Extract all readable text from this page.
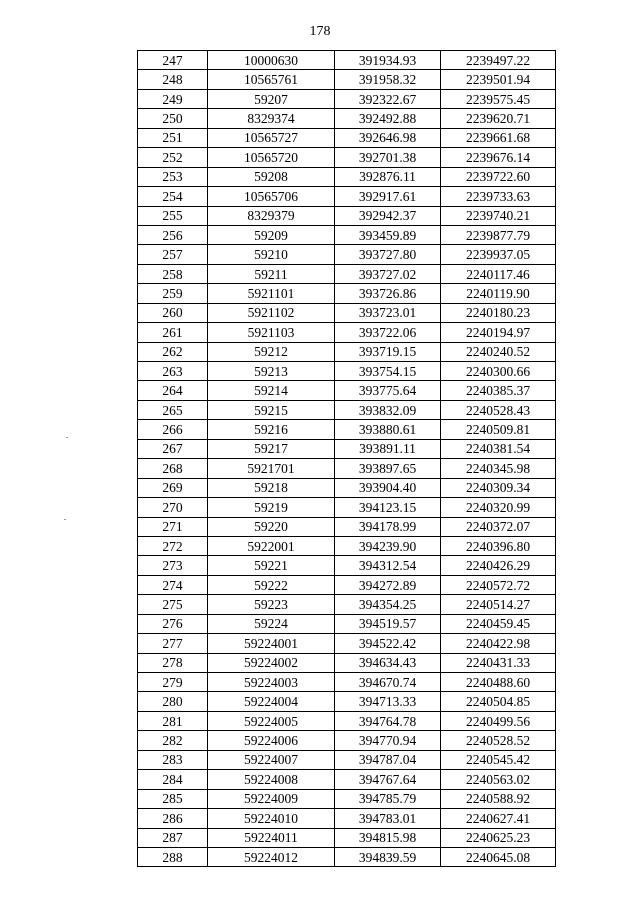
178
247	10000630	391934.93	2239497.22
248	10565761	391958.32	2239501.94
249	59207	392322.67	2239575.45
250	8329374	392492.88	2239620.71
251	10565727	392646.98	2239661.68
252	10565720	392701.38	2239676.14
253	59208	392876.11	2239722.60
254	10565706	392917.61	2239733.63
255	8329379	392942.37	2239740.21
256	59209	393459.89	2239877.79
257	59210	393727.80	2239937.05
258	59211	393727.02	2240117.46
259	5921101	393726.86	2240119.90
260	5921102	393723.01	2240180.23
261	5921103	393722.06	2240194.97
262	59212	393719.15	2240240.52
263	59213	393754.15	2240300.66
264	59214	393775.64	2240385.37
265	59215	393832.09	2240528.43
266	59216	393880.61	2240509.81
267	59217	393891.11	2240381.54
268	5921701	393897.65	2240345.98
269	59218	393904.40	2240309.34
270	59219	394123.15	2240320.99
271	59220	394178.99	2240372.07
272	5922001	394239.90	2240396.80
273	59221	394312.54	2240426.29
274	59222	394272.89	2240572.72
275	59223	394354.25	2240514.27
276	59224	394519.57	2240459.45
277	59224001	394522.42	2240422.98
278	59224002	394634.43	2240431.33
279	59224003	394670.74	2240488.60
280	59224004	394713.33	2240504.85
281	59224005	394764.78	2240499.56
282	59224006	394770.94	2240528.52
283	59224007	394787.04	2240545.42
284	59224008	394767.64	2240563.02
285	59224009	394785.79	2240588.92
286	59224010	394783.01	2240627.41
287	59224011	394815.98	2240625.23
288	59224012	394839.59	2240645.08
